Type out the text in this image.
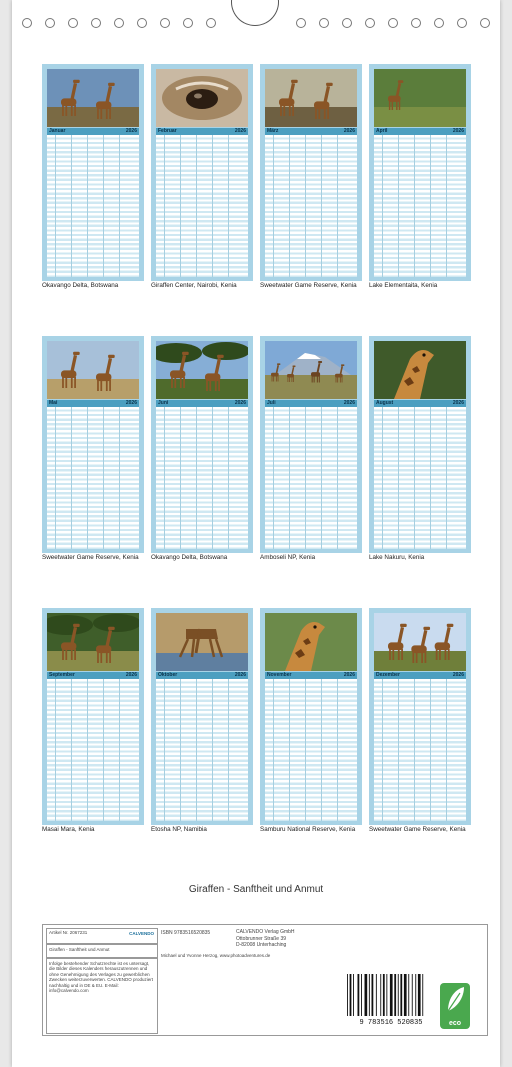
Januar	2026
Okavango Delta, Botswana
Februar	2026
Giraffen Center, Nairobi, Kenia
März	2026
Sweetwater Game Reserve, Kenia
April	2026
Lake Elementaita, Kenia
Mai	2026
Sweetwater Game Reserve, Kenia
Juni	2026
Okavango Delta, Botswana
Juli	2026
Amboseli NP, Kenia
August	2026
Lake Nakuru, Kenia
September	2026
Masai Mara, Kenia
Oktober	2026
Etosha NP, Namibia
November	2026
Samburu National Reserve, Kenia
Dezember	2026
Sweetwater Game Reserve, Kenia
Giraffen - Sanftheit und Anmut
Artikel Nr. 2067231	CALVENDO
Giraffen - Sanftheit und Anmut
Infolge bestehender Schutzrechte ist es untersagt, die Bilder dieses Kalenders herauszutrennen und ohne Genehmigung des Verlages zu gewerblichen Zwecken weiterzuverwerten. CALVENDO produziert nachhaltig und in DE & EU. E-Mail: info@calvendo.com
ISBN 9783516520835	CALVENDO Verlag GmbH
Ottobrunner Straße 39
D-82008 Unterhaching
Michael und Yvonne Herzog, www.photoadventures.de
9 783516 520835	eco
